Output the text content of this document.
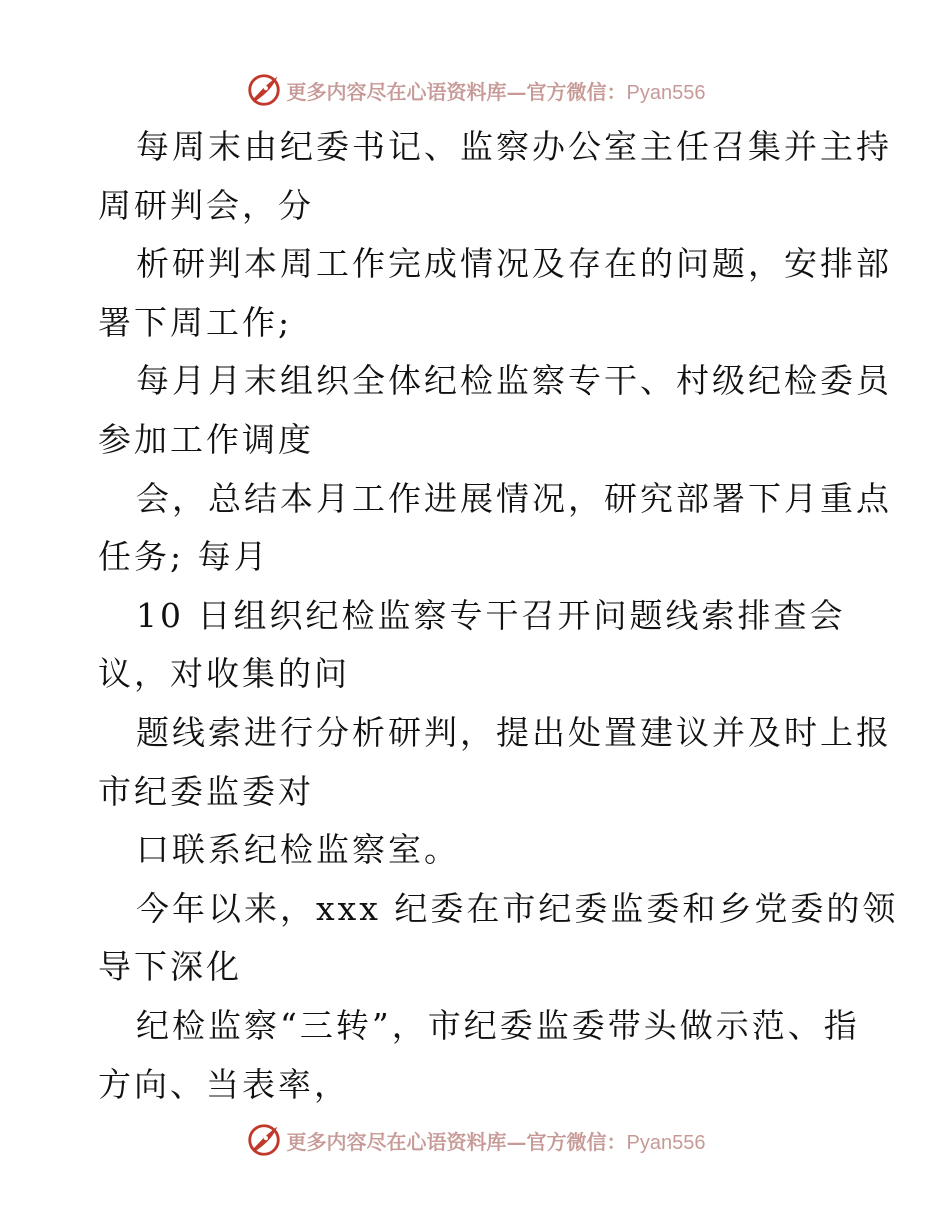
更多内容尽在心语资料库—官方微信：Pyan556
每周末由纪委书记、监察办公室主任召集并主持
周研判会，分
析研判本周工作完成情况及存在的问题，安排部
署下周工作;
每月月末组织全体纪检监察专干、村级纪检委员
参加工作调度
会，总结本月工作进展情况，研究部署下月重点
任务; 每月
10 日组织纪检监察专干召开问题线索排查会
议，对收集的问
题线索进行分析研判，提出处置建议并及时上报
市纪委监委对
口联系纪检监察室。
今年以来，xxx 纪委在市纪委监委和乡党委的领
导下深化
纪检监察“三转”，市纪委监委带头做示范、指
方向、当表率，
更多内容尽在心语资料库—官方微信：Pyan556
